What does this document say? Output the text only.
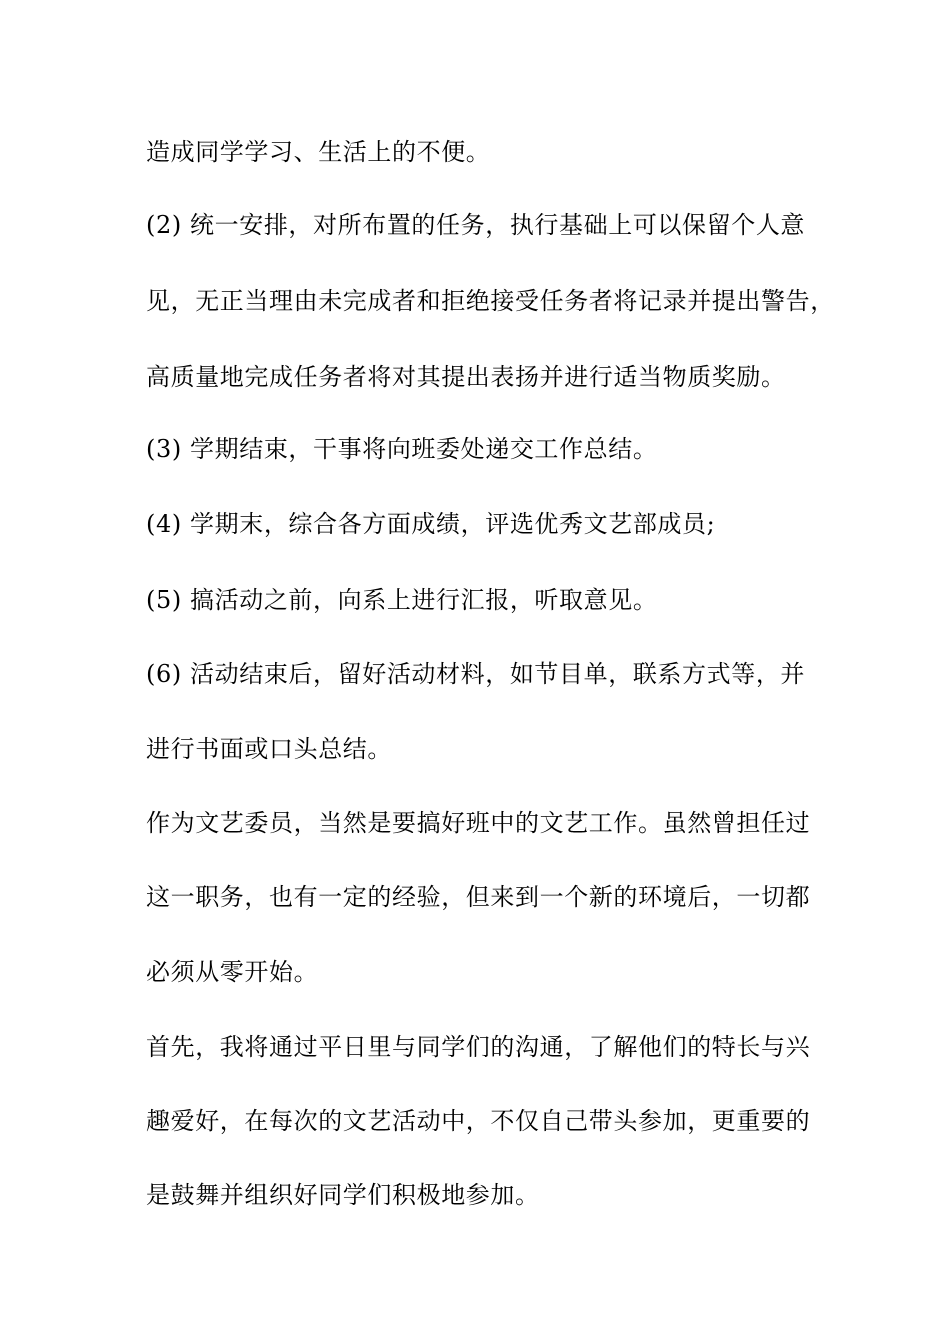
造成同学学习、生活上的不便。
(2) 统一安排，对所布置的任务，执行基础上可以保留个人意
见，无正当理由未完成者和拒绝接受任务者将记录并提出警告，
高质量地完成任务者将对其提出表扬并进行适当物质奖励。
(3) 学期结束，干事将向班委处递交工作总结。
(4) 学期末，综合各方面成绩，评选优秀文艺部成员;
(5) 搞活动之前，向系上进行汇报，听取意见。
(6) 活动结束后，留好活动材料，如节目单，联系方式等，并
进行书面或口头总结。
作为文艺委员，当然是要搞好班中的文艺工作。虽然曾担任过
这一职务，也有一定的经验，但来到一个新的环境后，一切都
必须从零开始。
首先，我将通过平日里与同学们的沟通，了解他们的特长与兴
趣爱好，在每次的文艺活动中，不仅自己带头参加，更重要的
是鼓舞并组织好同学们积极地参加。
